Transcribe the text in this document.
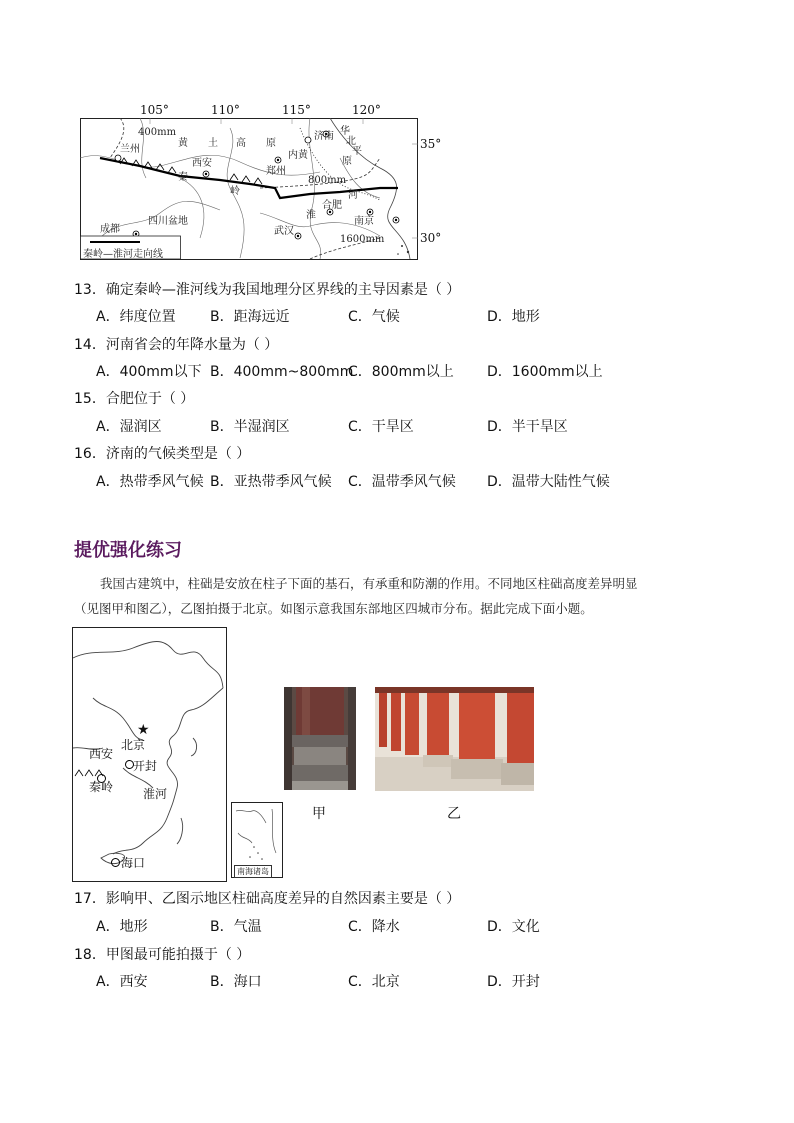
105°	110°	115°	120°
35°
30°
400mm
兰州
黄 土 高 原
内黄
济南 华
北
平
原
西安
郑州
秦
岭
800mm
河
淮
合肥
南京
成都
四川盆地
武汉
1600mm
秦岭—淮河走向线
13．确定秦岭—淮河线为我国地理分区界线的主导因素是（ ）
A．纬度位置 B．距海远近	C．气候	D．地形
14．河南省会的年降水量为（ ）
A．400mm以下 B．400mm~800mm
C．800mm以上 D．1600mm以上
15．合肥位于（ ）
A．湿润区	B．半湿润区	C．干旱区	D．半干旱区
16．济南的气候类型是（ ）
A．热带季风气候 B．亚热带季风气候 C．温带季风气候 D．温带大陆性气候
提优强化练习
我国古建筑中，柱础是安放在柱子下面的基石，有承重和防潮的作用。不同地区柱础高度差异明显
（见图甲和图乙），乙图拍摄于北京。如图示意我国东部地区四城市分布。据此完成下面小题。
★
北京
西安
开封
秦岭 淮河
海口
南海诸岛
甲	乙
17．影响甲、乙图示地区柱础高度差异的自然因素主要是（ ）
A．地形	B．气温	C．降水	D．文化
18．甲图最可能拍摄于（ ）
A．西安	B．海口	C．北京	D．开封
